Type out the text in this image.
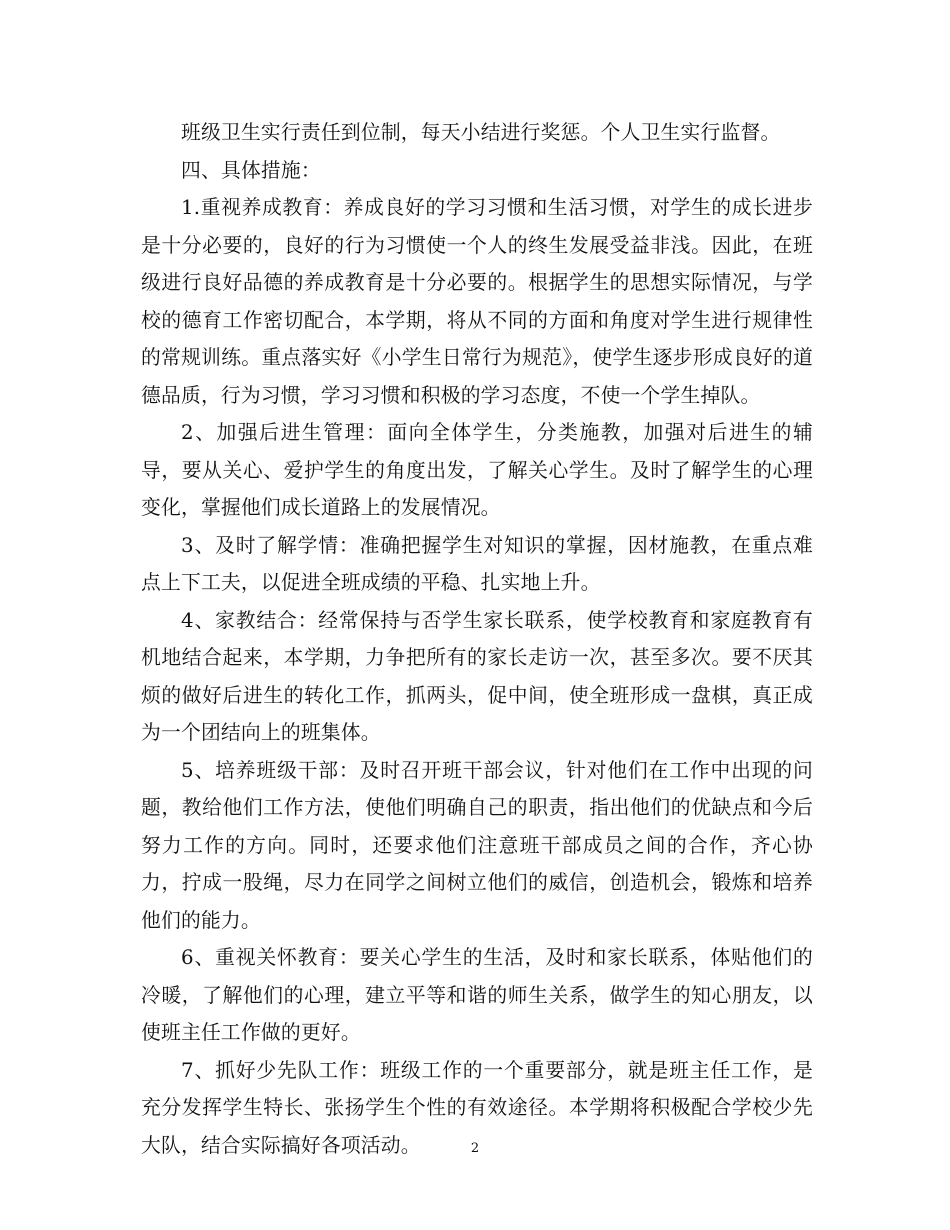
班级卫生实行责任到位制，每天小结进行奖惩。个人卫生实行监督。

四、具体措施：

1.重视养成教育：养成良好的学习习惯和生活习惯，对学生的成长进步是十分必要的，良好的行为习惯使一个人的终生发展受益非浅。因此，在班级进行良好品德的养成教育是十分必要的。根据学生的思想实际情况，与学校的德育工作密切配合，本学期，将从不同的方面和角度对学生进行规律性的常规训练。重点落实好《小学生日常行为规范》，使学生逐步形成良好的道德品质，行为习惯，学习习惯和积极的学习态度，不使一个学生掉队。

2、加强后进生管理：面向全体学生，分类施教，加强对后进生的辅导，要从关心、爱护学生的角度出发，了解关心学生。及时了解学生的心理变化，掌握他们成长道路上的发展情况。

3、及时了解学情：准确把握学生对知识的掌握，因材施教，在重点难点上下工夫，以促进全班成绩的平稳、扎实地上升。

4、家教结合：经常保持与否学生家长联系，使学校教育和家庭教育有机地结合起来，本学期，力争把所有的家长走访一次，甚至多次。要不厌其烦的做好后进生的转化工作，抓两头，促中间，使全班形成一盘棋，真正成为一个团结向上的班集体。

5、培养班级干部：及时召开班干部会议，针对他们在工作中出现的问题，教给他们工作方法，使他们明确自己的职责，指出他们的优缺点和今后努力工作的方向。同时，还要求他们注意班干部成员之间的合作，齐心协力，拧成一股绳，尽力在同学之间树立他们的威信，创造机会，锻炼和培养他们的能力。

6、重视关怀教育：要关心学生的生活，及时和家长联系，体贴他们的冷暖，了解他们的心理，建立平等和谐的师生关系，做学生的知心朋友，以使班主任工作做的更好。

7、抓好少先队工作：班级工作的一个重要部分，就是班主任工作，是充分发挥学生特长、张扬学生个性的有效途径。本学期将积极配合学校少先大队，结合实际搞好各项活动。	2
